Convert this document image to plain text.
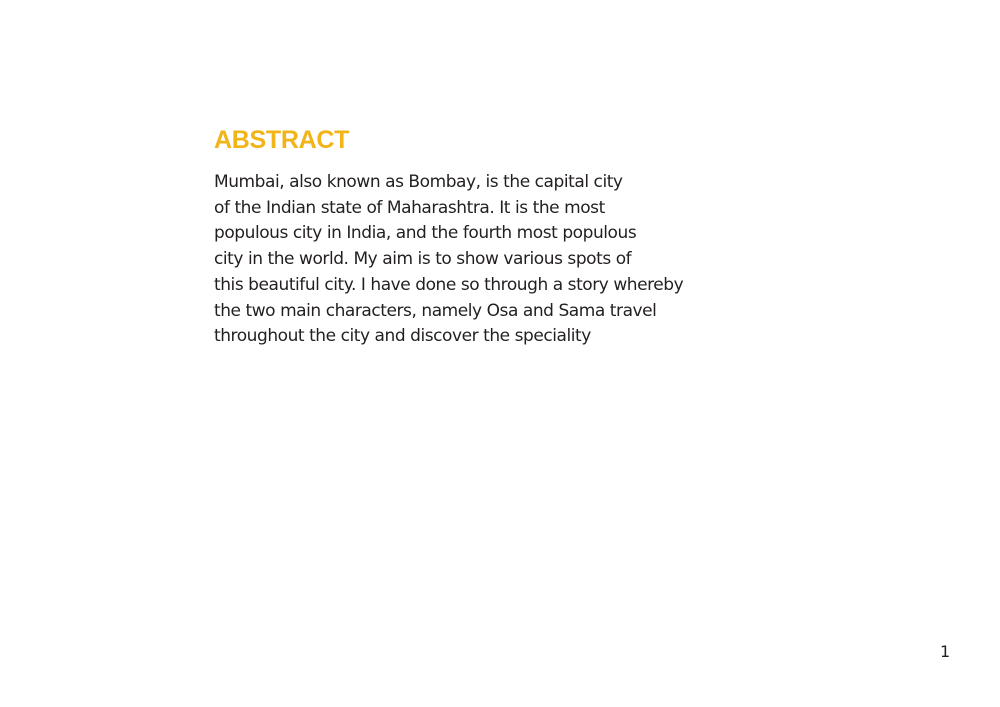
ABSTRACT

Mumbai, also known as Bombay, is the capital city
of the Indian state of Maharashtra. It is the most
populous city in India, and the fourth most populous
city in the world. My aim is to show various spots of
this beautiful city. I have done so through a story whereby
the two main characters, namely Osa and Sama travel
throughout the city and discover the speciality

1
